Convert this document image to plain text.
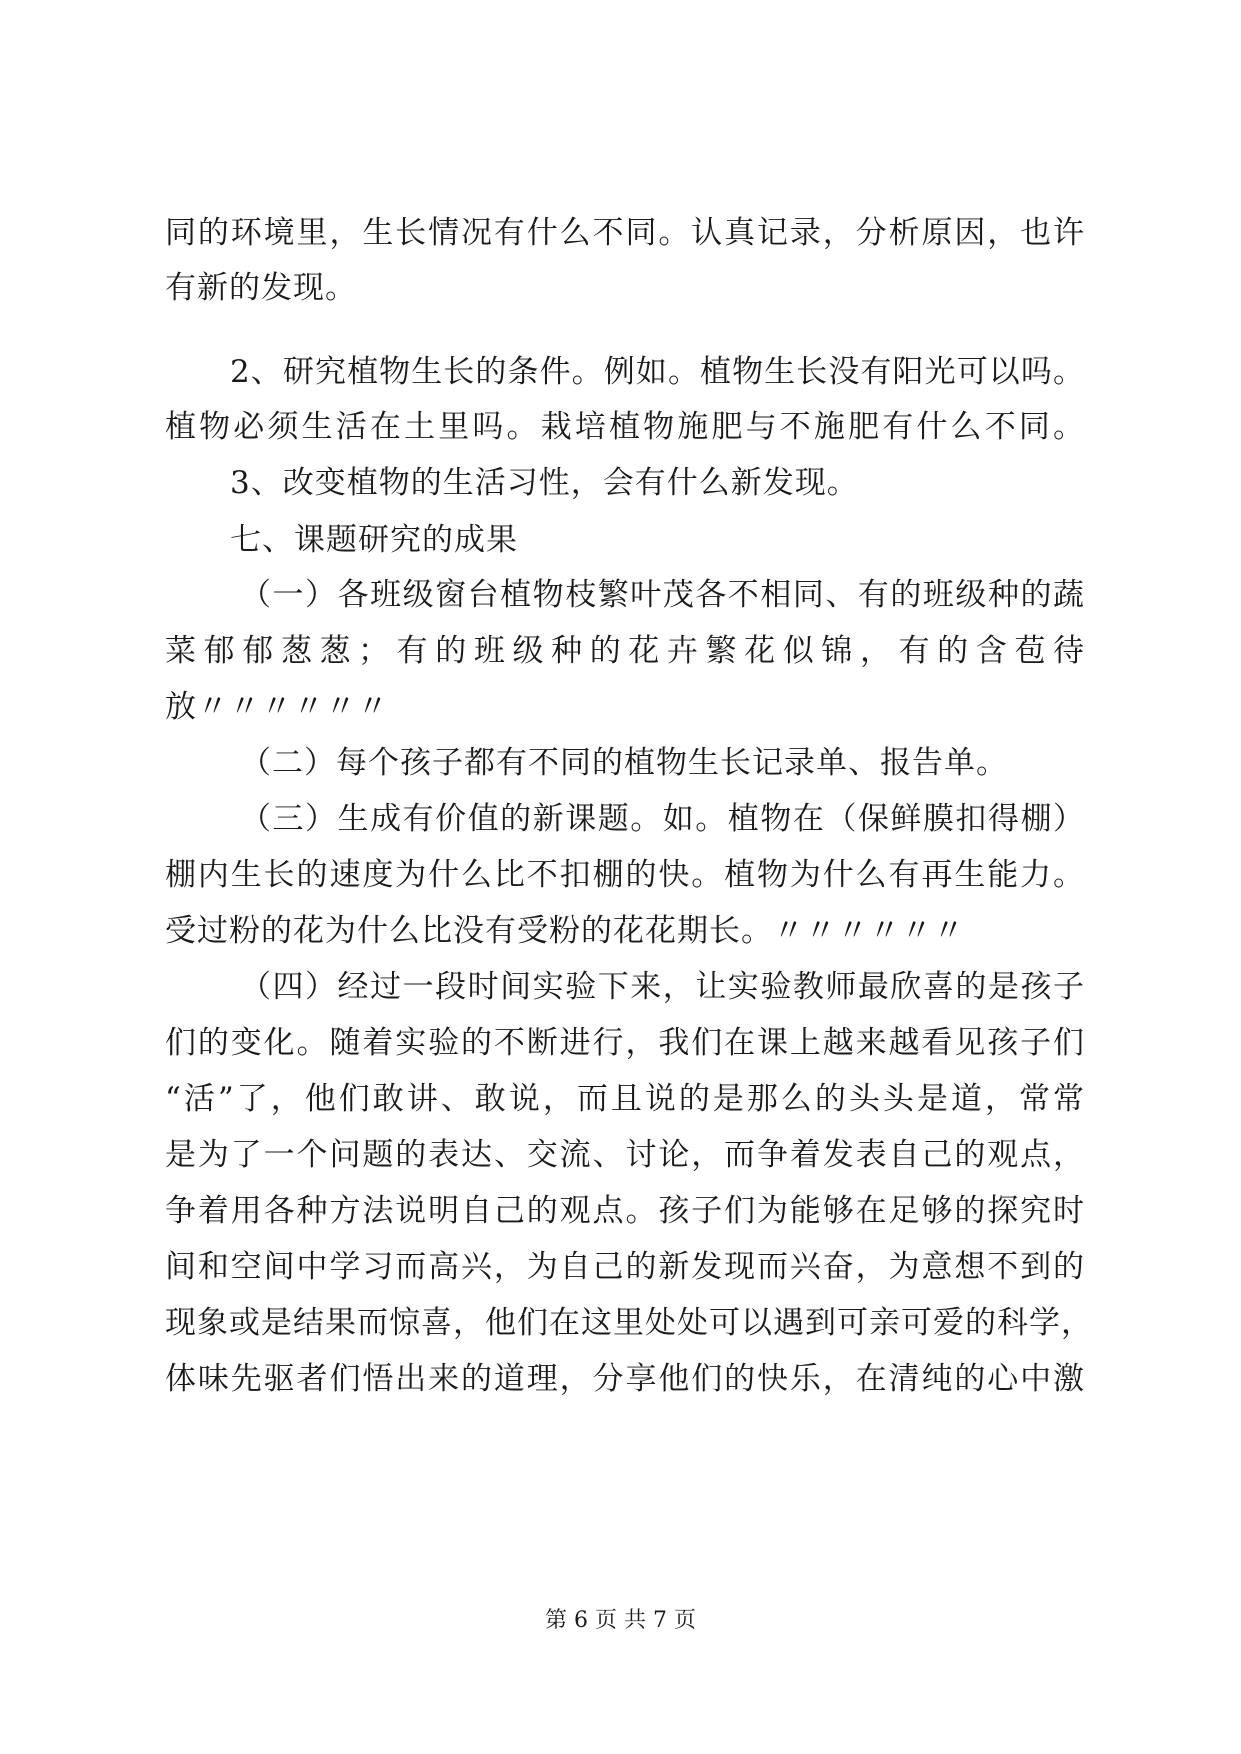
同的环境里，生长情况有什么不同。认真记录，分析原因，也许
有新的发现。
2、研究植物生长的条件。例如。植物生长没有阳光可以吗。
植物必须生活在土里吗。栽培植物施肥与不施肥有什么不同。
3、改变植物的生活习性，会有什么新发现。
七、课题研究的成果
（一）各班级窗台植物枝繁叶茂各不相同、有的班级种的蔬
菜郁郁葱葱；有的班级种的花卉繁花似锦，有的含苞待
放〃〃〃〃〃〃
（二）每个孩子都有不同的植物生长记录单、报告单。
（三）生成有价值的新课题。如。植物在（保鲜膜扣得棚）
棚内生长的速度为什么比不扣棚的快。植物为什么有再生能力。
受过粉的花为什么比没有受粉的花花期长。〃〃〃〃〃〃
（四）经过一段时间实验下来，让实验教师最欣喜的是孩子
们的变化。随着实验的不断进行，我们在课上越来越看见孩子们
“活”了，他们敢讲、敢说，而且说的是那么的头头是道，常常
是为了一个问题的表达、交流、讨论，而争着发表自己的观点，
争着用各种方法说明自己的观点。孩子们为能够在足够的探究时
间和空间中学习而高兴，为自己的新发现而兴奋，为意想不到的
现象或是结果而惊喜，他们在这里处处可以遇到可亲可爱的科学，
体味先驱者们悟出来的道理，分享他们的快乐，在清纯的心中激
第 6 页 共 7 页
